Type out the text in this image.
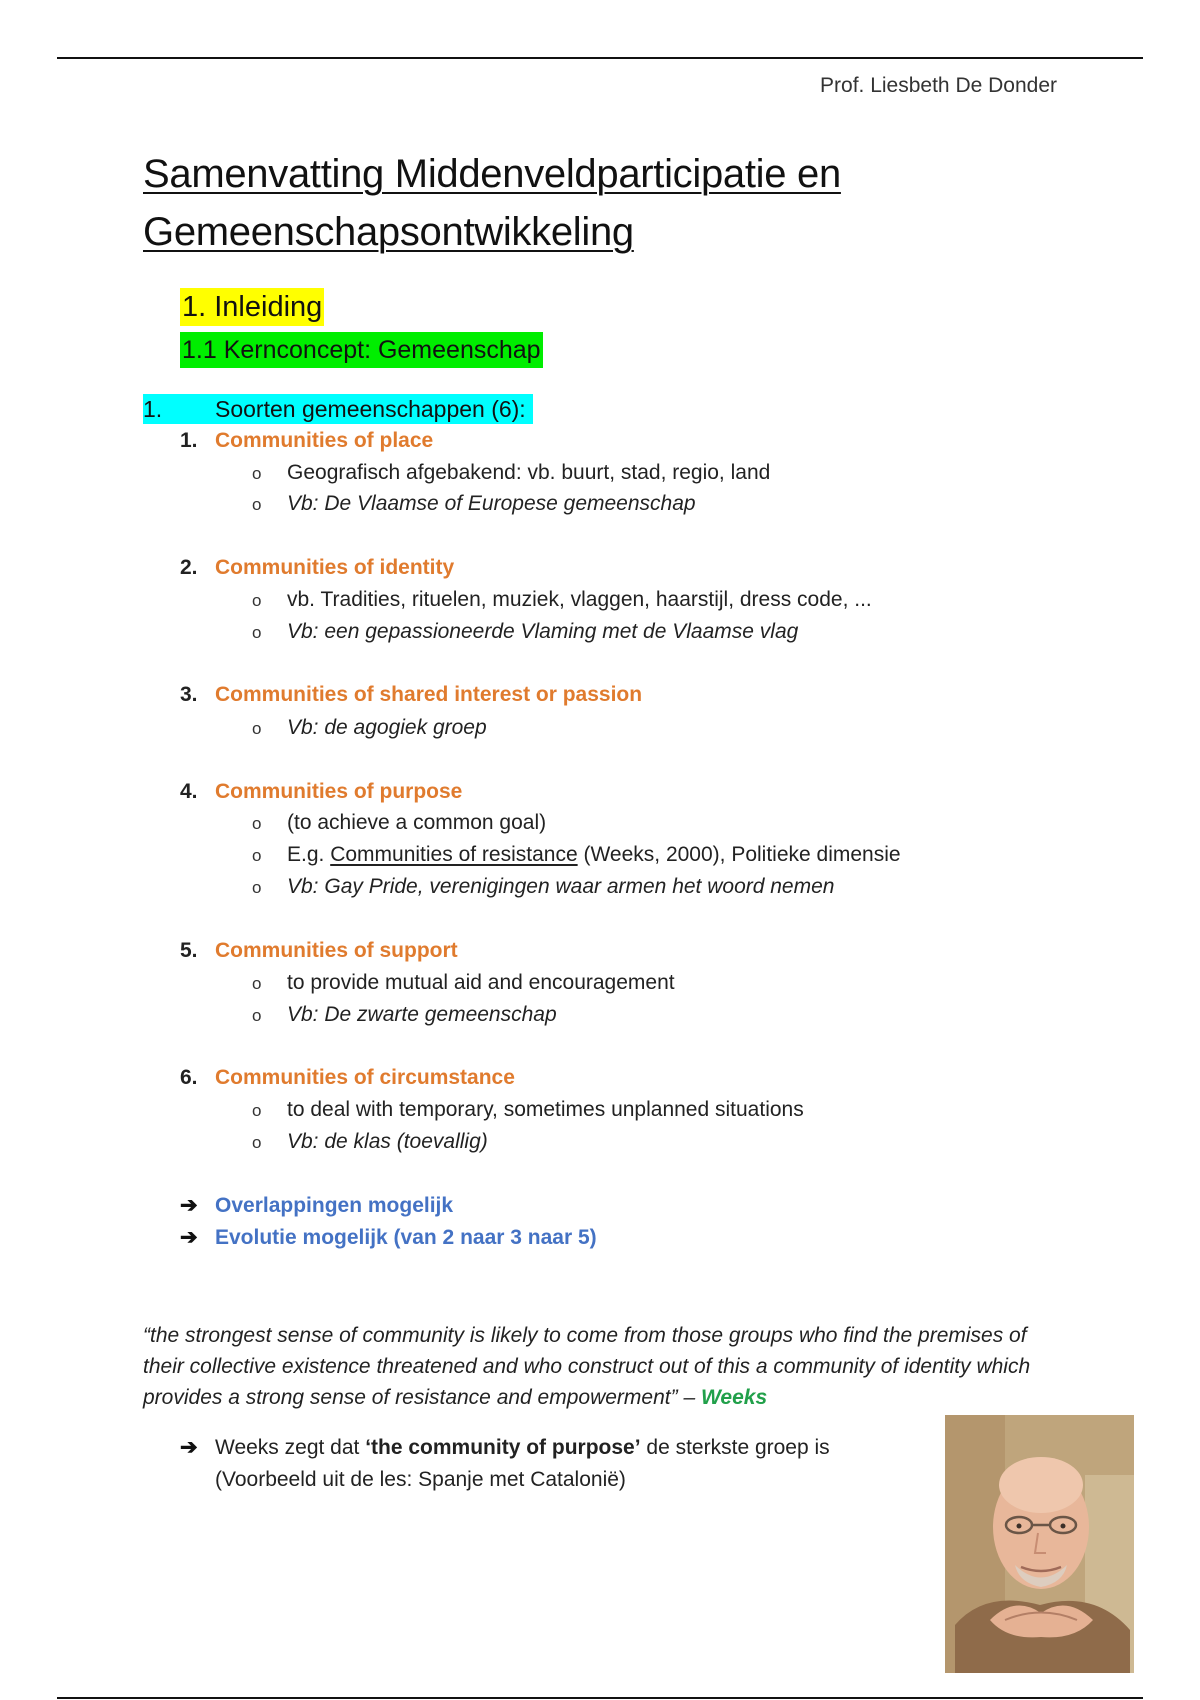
Prof. Liesbeth De Donder
Samenvatting Middenveldparticipatie en
Gemeenschapsontwikkeling
1. Inleiding
1.1 Kernconcept: Gemeenschap
1. Soorten gemeenschappen (6):
1. Communities of place
o Geografisch afgebakend: vb. buurt, stad, regio, land
o Vb: De Vlaamse of Europese gemeenschap
2. Communities of identity
o vb. Tradities, rituelen, muziek, vlaggen, haarstijl, dress code, ...
o Vb: een gepassioneerde Vlaming met de Vlaamse vlag
3. Communities of shared interest or passion
o Vb: de agogiek groep
4. Communities of purpose
o (to achieve a common goal)
o E.g. Communities of resistance (Weeks, 2000), Politieke dimensie
o Vb: Gay Pride, verenigingen waar armen het woord nemen
5. Communities of support
o to provide mutual aid and encouragement
o Vb: De zwarte gemeenschap
6. Communities of circumstance
o to deal with temporary, sometimes unplanned situations
o Vb: de klas (toevallig)
➔ Overlappingen mogelijk
➔ Evolutie mogelijk (van 2 naar 3 naar 5)
“the strongest sense of community is likely to come from those groups who find the premises of their collective existence threatened and who construct out of this a community of identity which provides a strong sense of resistance and empowerment” – Weeks
➔ Weeks zegt dat ‘the community of purpose’ de sterkste groep is
(Voorbeeld uit de les: Spanje met Catalonië)
